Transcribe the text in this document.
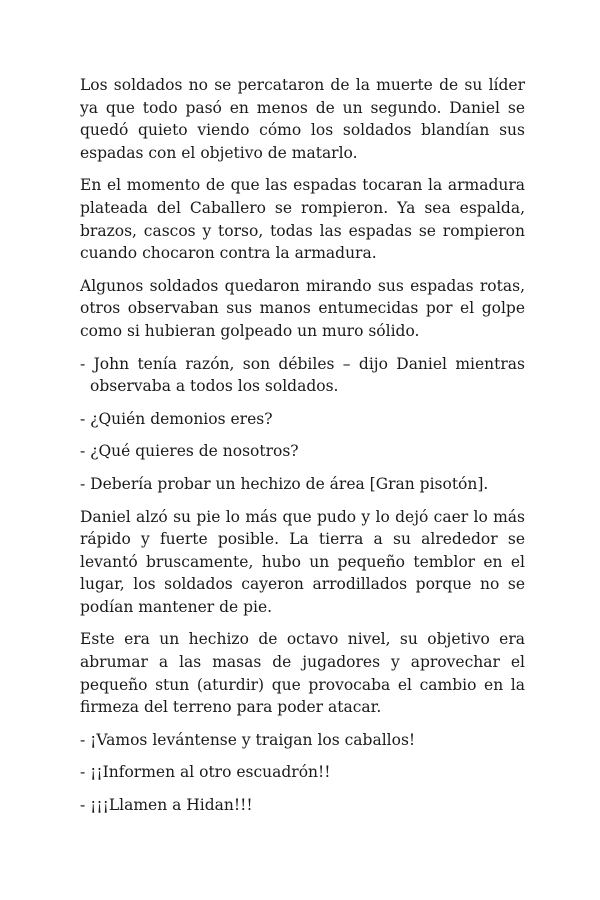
Los soldados no se percataron de la muerte de su líder ya que todo pasó en menos de un segundo. Daniel se quedó quieto viendo cómo los soldados blandían sus espadas con el objetivo de matarlo.

En el momento de que las espadas tocaran la armadura plateada del Caballero se rompieron. Ya sea espalda, brazos, cascos y torso, todas las espadas se rompieron cuando chocaron contra la armadura.

Algunos soldados quedaron mirando sus espadas rotas, otros observaban sus manos entumecidas por el golpe como si hubieran golpeado un muro sólido.

- John tenía razón, son débiles – dijo Daniel mientras observaba a todos los soldados.

- ¿Quién demonios eres?

- ¿Qué quieres de nosotros?

- Debería probar un hechizo de área [Gran pisotón].

Daniel alzó su pie lo más que pudo y lo dejó caer lo más rápido y fuerte posible. La tierra a su alrededor se levantó bruscamente, hubo un pequeño temblor en el lugar, los soldados cayeron arrodillados porque no se podían mantener de pie.

Este era un hechizo de octavo nivel, su objetivo era abrumar a las masas de jugadores y aprovechar el pequeño stun (aturdir) que provocaba el cambio en la firmeza del terreno para poder atacar.

- ¡Vamos levántense y traigan los caballos!

- ¡¡Informen al otro escuadrón!!

- ¡¡¡Llamen a Hidan!!!
